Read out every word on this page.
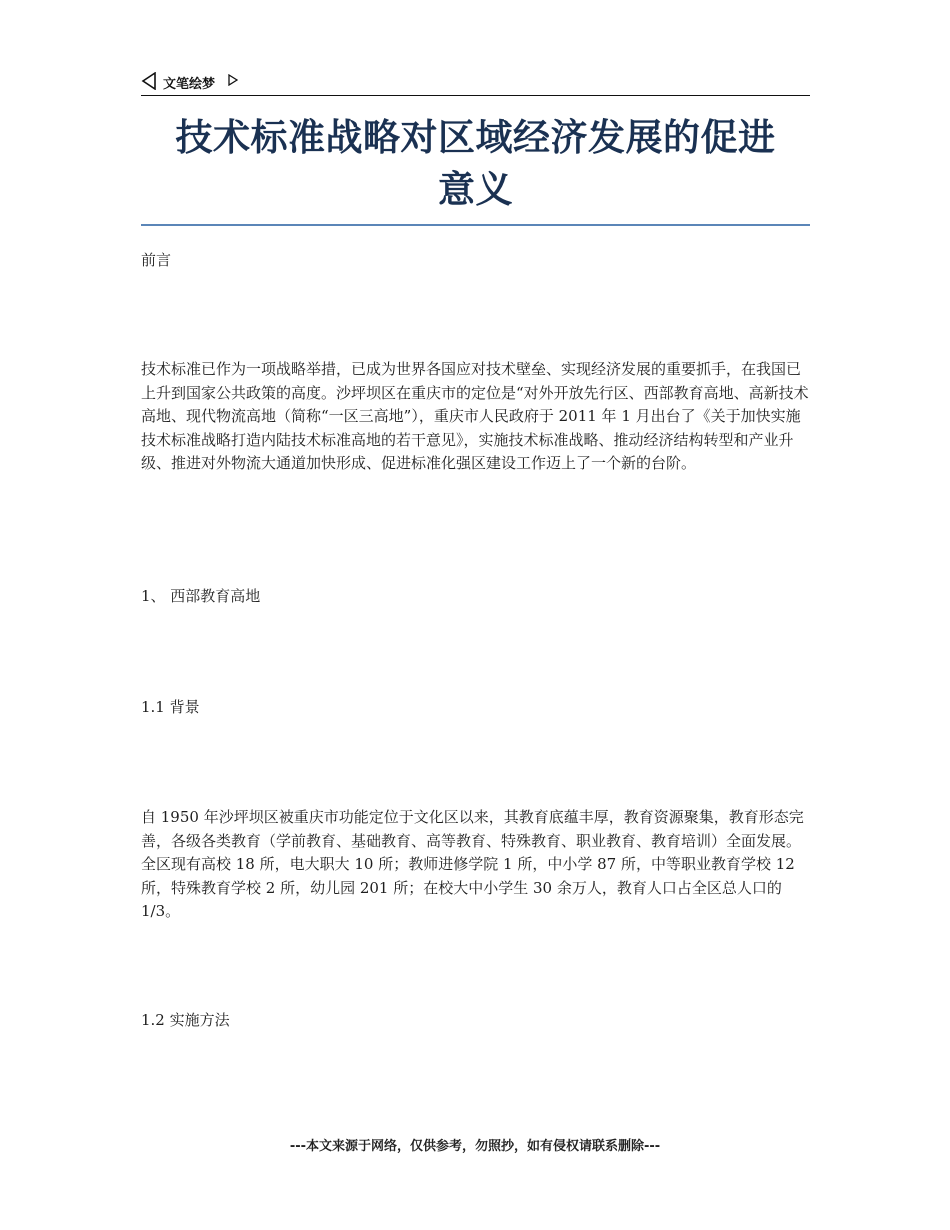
文笔绘梦
技术标准战略对区域经济发展的促进
意义
前言
技术标准已作为一项战略举措，已成为世界各国应对技术壁垒、实现经济发展的重要抓手，在我国已上升到国家公共政策的高度。沙坪坝区在重庆市的定位是“对外开放先行区、西部教育高地、高新技术高地、现代物流高地（简称“一区三高地”），重庆市人民政府于 2011 年 1 月出台了《关于加快实施技术标准战略打造内陆技术标准高地的若干意见》，实施技术标准战略、推动经济结构转型和产业升级、推进对外物流大通道加快形成、促进标准化强区建设工作迈上了一个新的台阶。
1、 西部教育高地
1.1 背景
自 1950 年沙坪坝区被重庆市功能定位于文化区以来，其教育底蕴丰厚，教育资源聚集，教育形态完善，各级各类教育（学前教育、基础教育、高等教育、特殊教育、职业教育、教育培训）全面发展。全区现有高校 18 所，电大职大 10 所；教师进修学院 1 所，中小学 87 所，中等职业教育学校 12 所，特殊教育学校 2 所，幼儿园 201 所；在校大中小学生 30 余万人，教育人口占全区总人口的 1/3。
1.2 实施方法
---本文来源于网络，仅供参考，勿照抄，如有侵权请联系删除---
